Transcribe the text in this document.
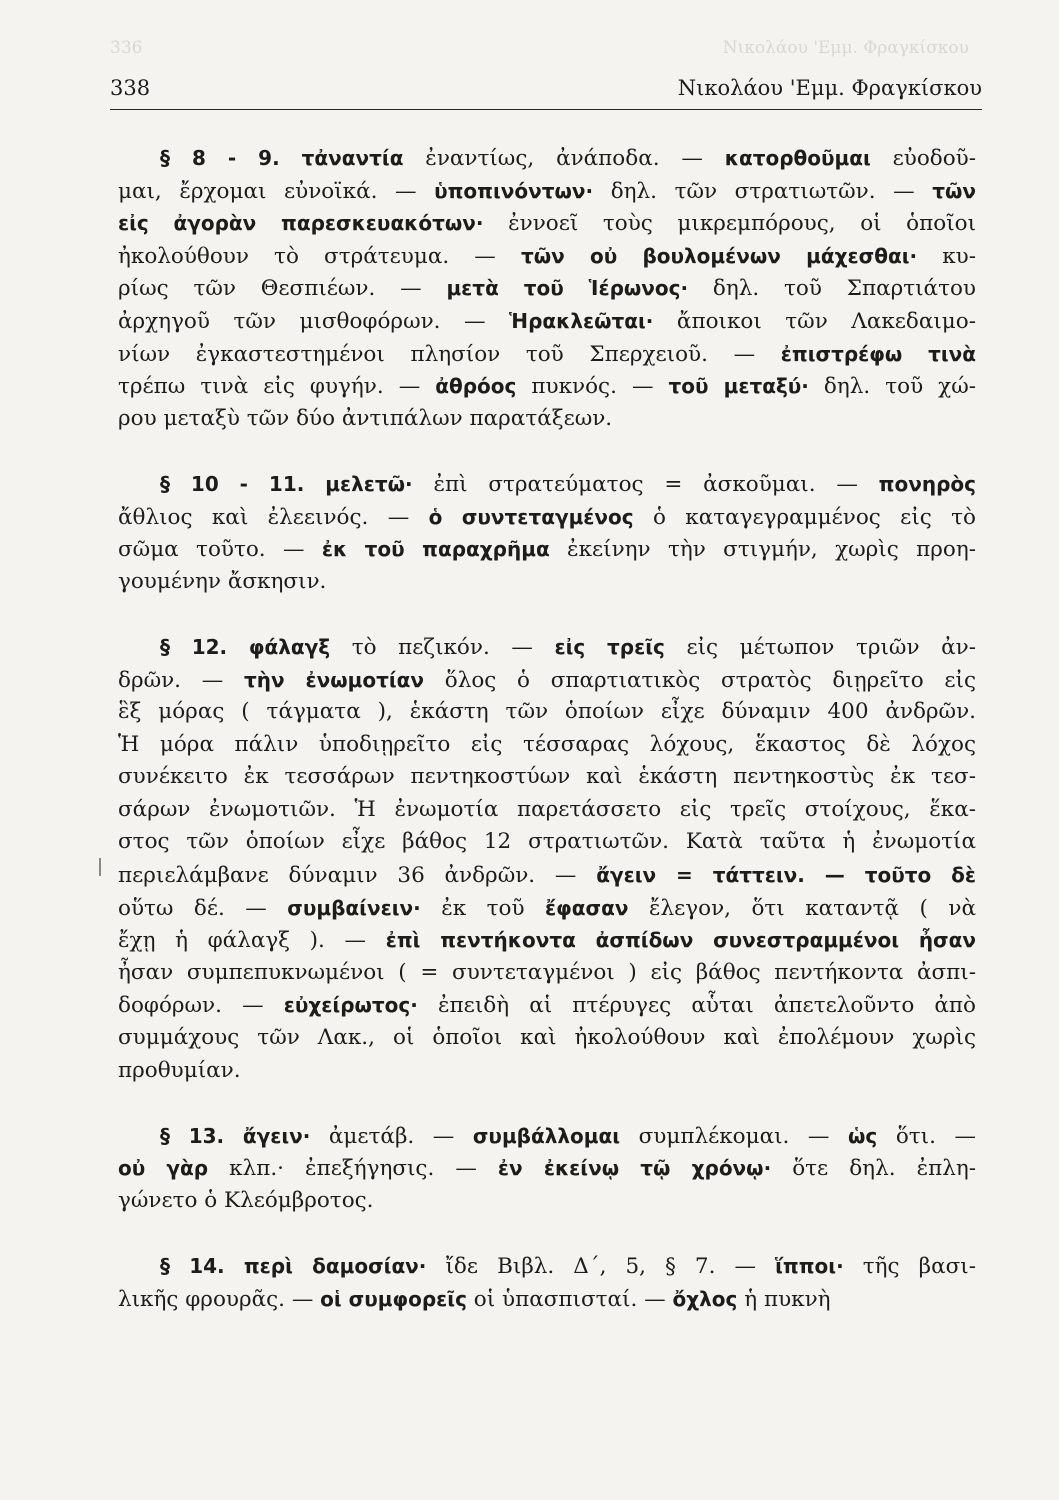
336	Νικολάου 'Εμμ. Φραγκίσκου
338	Νικολάου 'Εμμ. Φραγκίσκου
§ 8 - 9. τἀναντία ἐναντίως, ἀνάποδα. — κατορθοῦμαι εὐοδοῦ-
μαι, ἔρχομαι εὐνοϊκά. — ὑποπινόντων· δηλ. τῶν στρατιωτῶν. — τῶν
εἰς ἀγορὰν παρεσκευακότων· ἐννοεῖ τοὺς μικρεμπόρους, οἱ ὁποῖοι
ἠκολούθουν τὸ στράτευμα. — τῶν οὐ βουλομένων μάχεσθαι· κυ-
ρίως τῶν Θεσπιέων. — μετὰ τοῦ Ἱέρωνος· δηλ. τοῦ Σπαρτιάτου
ἀρχηγοῦ τῶν μισθοφόρων. — Ἡρακλεῶται· ἄποικοι τῶν Λακεδαιμο-
νίων ἐγκαστεστημένοι πλησίον τοῦ Σπερχειοῦ. — ἐπιστρέφω τινὰ
τρέπω τινὰ εἰς φυγήν. — ἀθρόος πυκνός. — τοῦ μεταξύ· δηλ. τοῦ χώ-
ρου μεταξὺ τῶν δύο ἀντιπάλων παρατάξεων.
§ 10 - 11. μελετῶ· ἐπὶ στρατεύματος = ἀσκοῦμαι. — πονηρὸς
ἄθλιος καὶ ἐλεεινός. — ὁ συντεταγμένος ὁ καταγεγραμμένος εἰς τὸ
σῶμα τοῦτο. — ἐκ τοῦ παραχρῆμα ἐκείνην τὴν στιγμήν, χωρὶς προη-
γουμένην ἄσκησιν.
§ 12. φάλαγξ τὸ πεζικόν. — εἰς τρεῖς εἰς μέτωπον τριῶν ἀν-
δρῶν. — τὴν ἐνωμοτίαν ὅλος ὁ σπαρτιατικὸς στρατὸς διῃρεῖτο εἰς
ἓξ μόρας ( τάγματα ), ἑκάστη τῶν ὁποίων εἶχε δύναμιν 400 ἀνδρῶν.
Ἡ μόρα πάλιν ὑποδιῃρεῖτο εἰς τέσσαρας λόχους, ἕκαστος δὲ λόχος
συνέκειτο ἐκ τεσσάρων πεντηκοστύων καὶ ἑκάστη πεντηκοστὺς ἐκ τεσ-
σάρων ἐνωμοτιῶν. Ἡ ἐνωμοτία παρετάσσετο εἰς τρεῖς στοίχους, ἕκα-
στος τῶν ὁποίων εἶχε βάθος 12 στρατιωτῶν. Κατὰ ταῦτα ἡ ἐνωμοτία
περιελάμβανε δύναμιν 36 ἀνδρῶν. — ἄγειν = τάττειν. — τοῦτο δὲ
οὕτω δέ. — συμβαίνειν· ἐκ τοῦ ἔφασαν ἔλεγον, ὅτι καταντᾷ ( νὰ
ἔχῃ ἡ φάλαγξ ). — ἐπὶ πεντήκοντα ἀσπίδων συνεστραμμένοι ἦσαν
ἦσαν συμπεπυκνωμένοι ( = συντεταγμένοι ) εἰς βάθος πεντήκοντα ἀσπι-
δοφόρων. — εὐχείρωτος· ἐπειδὴ αἱ πτέρυγες αὗται ἀπετελοῦντο ἀπὸ
συμμάχους τῶν Λακ., οἱ ὁποῖοι καὶ ἠκολούθουν καὶ ἐπολέμουν χωρὶς
προθυμίαν.
§ 13. ἄγειν· ἀμετάβ. — συμβάλλομαι συμπλέκομαι. — ὡς ὅτι. —
οὐ γὰρ κλπ.· ἐπεξήγησις. — ἐν ἐκείνῳ τῷ χρόνῳ· ὅτε δηλ. ἐπλη-
γώνετο ὁ Κλεόμβροτος.
§ 14. περὶ δαμοσίαν· ἴδε Βιβλ. Δ΄, 5, § 7. — ἵπποι· τῆς βασι-
λικῆς φρουρᾶς. — οἱ συμφορεῖς οἱ ὑπασπισταί. — ὄχλος ἡ πυκνὴ
